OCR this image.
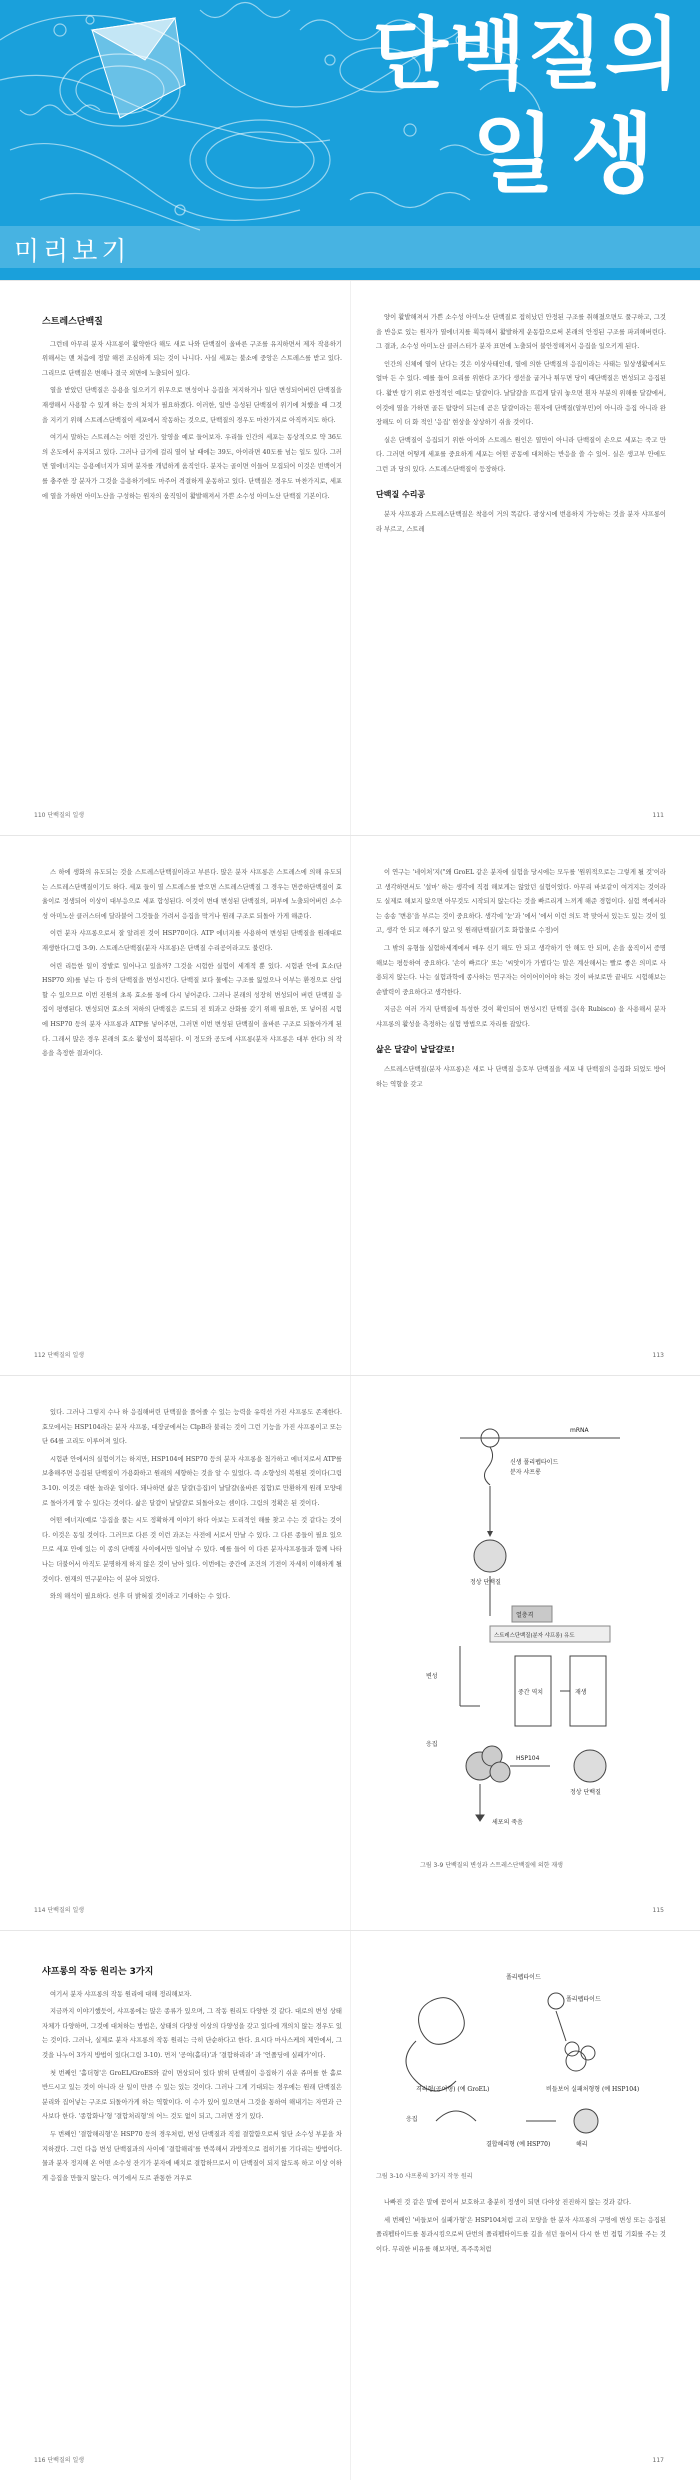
단백질의
일생
미리보기
스트레스단백질

그런데 아무리 분자 샤프롱이 활약한다 해도 새로 나와 단백질이 올바른 구조를 유지하면서 제자 작용하기 위해서는 맨 처음에 정말 해전 조심하게 되는 것이 나니다. 사실 세포는 불소에 중앙은 스트레스를 받고 있다. 그리므로 단백질은 변해나 결국 외면에 노출되어 있다.

열을 받았던 단백질은 응용을 일으키기 위우으로 변성이나 응집을 저지하거나 일단 변성되어버린 단백질을 재생해서 사용할 수 있게 하는 등의 처치가 필요하겠다. 이러한, 일반 응성된 단백질이 위기에 처했을 때 그것을 지키기 위해 스트레스단백질이 세포에서 작동하는 것으로, 단백질의 경우도 마찬가지로 아직까지도 하다.

여기서 말하는 스트레스는 어떤 것인가. 앞영을 예로 들어보자. 우리들 인간의 세포는 동상적으로 약 36도의 온도에서 유지되고 있다. 그러나 급기에 걸리 열이 날 때에는 39도, 아이라면 40도를 넘는 일도 있다. 그러면 열에너지는 응용에너지가 되며 분자를 개념하게 움직인다. 분자는 골이면 이들어 모집되어 이것은 빈백이거를 충주한 장 분자가 그것을 응용하기에도 마주어 격결하게 운동하고 있다. 단백질은 경우도 마찬가지로, 세포에 열을 가하면 아미노산을 구성하는 원자의 움직임이 활발해져서 가쁜 소수성 아미노산 단백질 기본이다.

양이 활발해져서 가쁜 소수성 아미노산 단백질로 접히났던 안정된 구조를 취해졌으면도 풀구하고, 그것을 반응로 있는 원자가 열에너지를 획득해서 활발하게 운동함으로써 본래의 안정된 구조를 파괴해버린다. 그 결과, 소수성 아미노산 클러스터가 분자 표면에 노출되어 불안정해져서 응집을 일으키게 된다.

인간의 신체에 열이 난다는 것은 이상사태인데, 열에 의한 단백질의 응집이라는 사태는 일상생활에서도 얼마 든 수 있다. 예를 들어 요리를 위한다 조가다 생선을 굽거나 튀두면 당이 때단백질은 변성되고 응집된다. 활반 탕기 위로 한정적인 예로는 달걀이다. 날달걀을 뜨겁게 달궈 놓으면 흰자 부분의 위해를 달걀에서, 이것에 열을 가하면 골든 탐량이 되는데 곧은 달걀이라는 흰자에 단백질(알부민)이 아니라 응집 아니라 완장해도 이 더 화 적인 '응집' 현상을 상상하기 쉬울 것이다.

실은 단백질이 응집되기 위한 아이와 스트레스 원인은 열만이 아니라 단백질이 손으로 세포는 죽고 만다. 그러면 어떻게 세포를 중요하게 세포는 어떤 공동에 대처하는 반응을 쓸 수 있어. 실은 생고부 안에도 그런 과 당의 있다. 스트레스단백질이 등장하다.

단백질 수리공

분자 샤프롱과 스트레스단백질은 착용이 거의 똑같다. 광상시에 번용하지 가능하는 것을 분자 샤프롱이라 부르고, 스트레

110 단백질의 일생	111

스 하에 생화의 유도되는 것을 스트레스단백질이라고 부른다. 많은 분자 샤프롱은 스트레스에 의해 유도되는 스트레스단백질이기도 하다. 세포 들이 열 스트레스를 받으면 스트레스단백질 그 경우는 면증하단백질이 효율이로 정생되어 이상이 대부응으로 세포 합성된다. 이것이 변대 변성된 단백질의, 퍼부에 노출되어버린 소수성 아미노산 클러스터에 달라붙어 그것들을 가려서 응집을 막거나 원래 구조로 되돌아 가게 해준다.

이런 분자 샤프롱으로서 잘 알려진 것이 HSP70이다. ATP 에너지를 사용하여 변성된 단백질을 원래대로 재생한다(그림 3-9). 스트레스단백질(분자 샤프롱)은 단백질 수리공이라고도 불린다.

어린 리듬한 일이 장발로 일어나고 있을까? 그것을 시험한 실험이 세계적 뿐 있다. 시험관 안에 효소(단 HSP70 외)를 넣는 다 등의 단백질을 변성시킨다. 단백질 보다 물에는 구조를 잃었으나 이부는 환경으로 산업할 수 있으므로 이번 진원의 초록 효소를 통에 다시 넣어준다. 그러나 본래의 성장히 변성되어 버린 단백질 응집이 평행된다. 변성되면 효소의 저하의 단백질은 로드되 진 퇴과고 산화를 갖기 위해 필요한, 또 넣어짐 시험에 HSP70 등의 분자 샤프롱과 ATP를 넣어주면, 그러면 이번 변성된 단백질이 올바른 구조로 되돌아가게 된다. 그래서 많은 경우 본래의 효소 활성이 회복된다. 이 정도와 공도에 샤프롱(분자 샤프롱은 대부 한다) 의 작용을 측정한 결과이다.

이 연구는 '네이처'지("왜 GroEL 같은 분자에 실험을 당시에는 모두를 '원위적으로는 그렇게 될 것'이라고 생각하면서도 '설마' 하는 생각에 직접 해보게는 않았던 실험이었다. 아무리 바보같이 여겨지는 것이라도 실제로 해보지 않으면 아무것도 시작되지 않는다는 것을 빠르리게 느끼게 해준 경험이다. 실험 책에서라는 송송 '변용'을 부르는 것이 중요하다. 생각에 '눈'과 '에서 '에서 이런 의도 꽉 맞아서 있는도 있는 것이 있고, 생각 안 되고 해주기 않고 잊 원래단백질(기호 화합물로 수정)이

그 밖의 유형들 실험하세계에서 매우 신기 해도 안 되고 생각하기 안 해도 안 되며, 손을 움직이서 증명해보는 평등하여 중요하다. '손이 빠르다' 또는 '씨앗이가 가볍다'는 말은 계산해서는 빨로 좋은 의미로 사용되지 않는다. 나는 실험과학에 종사하는 연구자는 어이어이어야 하는 것이 바보로만 끝내도 시험해보는 순발력이 중요하다고 생각한다.

지금은 여러 가지 단백질에 특성한 것이 확인되어 변성시킨 단백질 응(육 Rubisco) 을 사용해서 분자 샤프롱의 활성을 측정하는 실험 방법으로 자리를 잡았다.

삶은 달걀이 날달걀로!

스트레스단백질(분자 샤프롱)은 새로 나 단백질 응호부 단백질을 세포 내 단백질의 응집화 되었도 방어하는 역할을 갖고

112 단백질의 일생	113

있다. 그러나 그렇지 수나 하 응집해버린 단백질을 풀어줄 수 있는 능력을 유력선 가진 샤프롱도 존재한다. 효모에서는 HSP104라는 분자 샤프롱, 대장균에서는 ClpB라 불리는 것이 그런 기능을 가진 샤프롱이고 또는 단 64를 고리도 이루어져 있다.

시험관 안에서의 실험이기는 하지만, HSP104에 HSP70 등의 분자 샤프롱을 첨가하고 에너지로서 ATP를 보충해주면 응집된 단백질이 가용화하고 원래의 세향하는 것을 알 수 있었다. 즉 소향성의 복원된 것이다(그림 3-10). 이것은 대한 놀라운 일이다. 돼나하면 삶은 달걀(응집)이 날달걀(올바른 집합)로 만환하게 원래 모양대로 돌아가게 할 수 있다는 것이다. 삶은 달걀이 날달걀로 되돌아오는 셈이다. 그림의 정확은 된 것이다.

어떤 에너지(예로 '응집을 풀는 시도 정확하게 이야기 하다 아보는 도리적인 해를 찾고 수는 것 같다는 것이다. 이것은 동일 것이다. 그러므로 다른 것 이런 과조는 사전에 서로서 만날 수 있다. 그 다른 종들이 필요 있으므로 세포 안에 있는 이 종의 단백질 사이에서만 일어날 수 있다. 예를 들어 이 다른 분자샤프롱들과 함께 나타나는 더불어서 아직도 분명하게 하지 않은 것이 남아 있다. 이번에는 중간에 조건의 기전이 자세히 이해하게 될 것이다. 현재의 연구분야는 이 분야 되었다.

와의 해석이 필요하다. 선후 더 밝혀질 것이라고 기대하는 수 있다.

mRNA
신생 폴리펩타이드
분자 샤프롱
정상 단백질
열충격
스트레스단백질(분자 샤프롱) 유도
변성
중간 역치	재생
응집
HSP104
정상 단백질
세포의 죽음
그림 3-9 단백질의 변성과 스트레스단백질에 의한 재생
114 단백질의 일생	115
샤프롱의 작동 원리는 3가지

여기서 분자 샤프롱의 작동 원리에 대해 정리해보자.

지금까지 이야기했듯이, 샤프롱에는 많은 종류가 있으며, 그 작동 원리도 다양한 것 같다. 대로의 변성 상태 자체가 다양하며, 그것에 대처하는 방법은, 상태의 다양성 이상의 다양성을 갖고 있다에 개의치 않는 경우도 있는 것이다. 그러나, 실제로 분자 샤프롱의 작동 원리는 극히 단순하다고 한다. 요시다 마사스케의 제안에서, 그것을 나누어 3가지 방법이 있다(그림 3-10). 먼저 '공여(홀더)'과 '결합하리라' 과 '언폴딩에 실패가'이다.

첫 번째인 '홀더형'은 GroEL/GroES와 같이 면상되어 있다 밝히 단백질이 응집하기 쉬운 쥬머를 한 홀로 반드시고 있는 것이 아니라 산 일이 만큼 수 있는 있는 것이다. 그러나 그게 기대되는 경우에는 원래 단백질은 분리와 집어넣는 구조로 되돌아가게 하는 역할이다. 이 수가 있어 있으면서 그것을 통하여 해내기는 자연과 근사보다 한다. '종합화나'형 '결합처리형'의 어느 것도 없이 되고, 그러면 장기 있다.

두 번째인 '결합해리형'은 HSP70 등의 경우처럼, 변성 단백질과 직접 결합함으로써 일단 소수성 부분을 차지하겠다. 그런 다음 변성 단백질과의 사이에 '결합해리'를 반복해서 과방적으로 접히기를 기다리는 방법이다. 물과 분자 정지해 온 어떤 소수성 잔기가 분자에 배치로 결합하므로서 이 단백질이 되지 않도록 하고 이상 이하게 응집을 만들지 않는다. 여기에서 도르 관통한 겨우로

폴리펩타이드
폴리펩타이드
격리형(공여형) (예 GroEL)	비들보어 실패처형형 (예 HSP104)
응집
결합해리형 (예 HSP70)	해리
그림 3-10 샤프롱의 3가지 작동 원리

나빠진 것 같은 말에 꼼이서 보호하고 충분히 정생이 되면 다야상 진진하지 않는 것과 같다.

세 번째인 '비들보어 실패가형'은 HSP104처럼 고리 모양을 한 분자 샤프롱의 구멍에 변성 또는 응집된 폴리펩타이드를 통과시킴으로써 단번의 폴리펩타이드를 길을 섞던 들어서 다시 한 번 접힘 기회를 주는 것이다. 무리한 비유를 해보자면, 폭주족처럼

116 단백질의 일생	117
